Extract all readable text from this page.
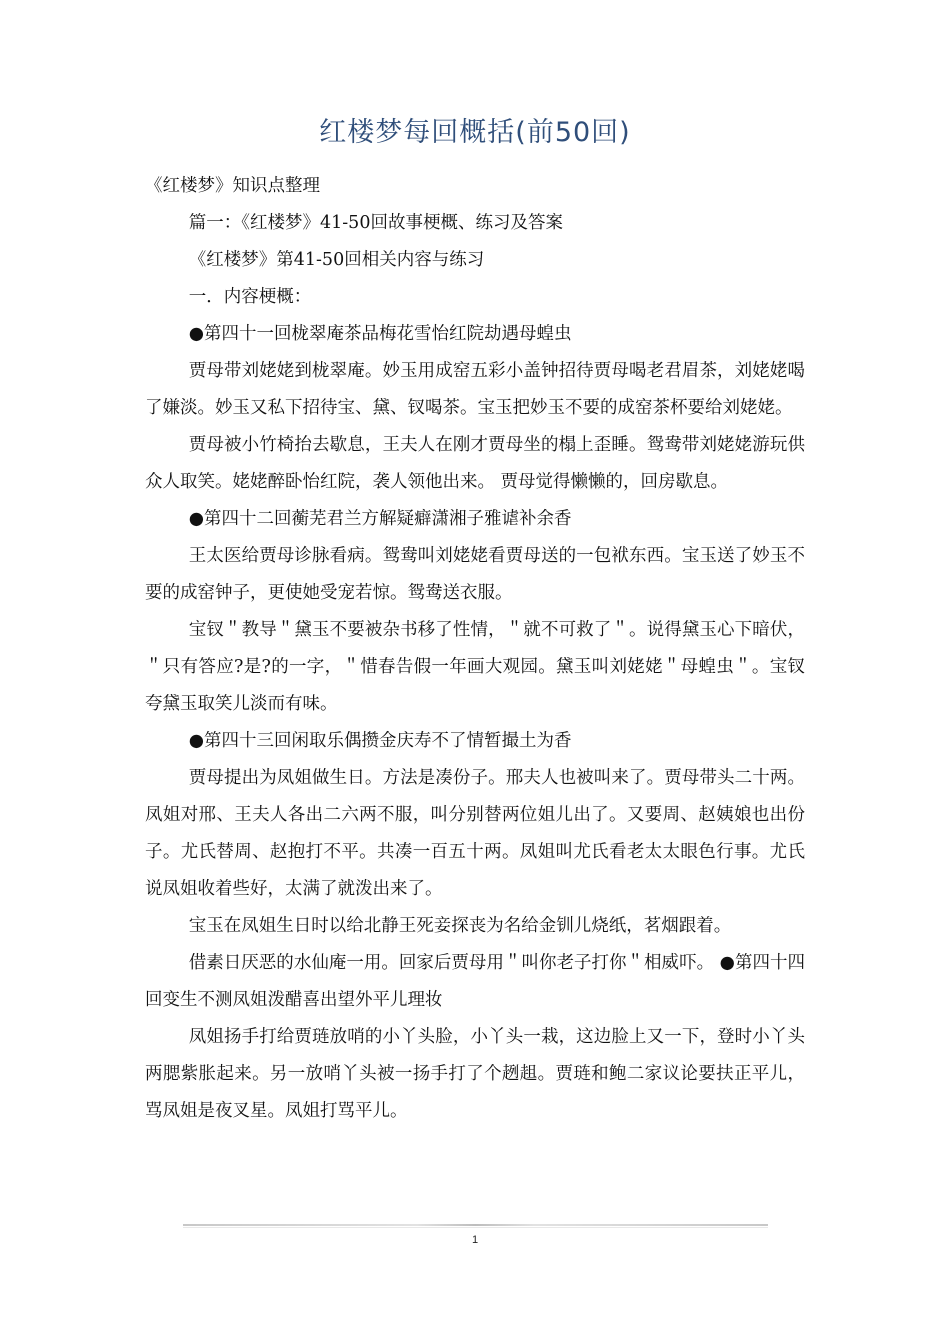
红楼梦每回概括(前50回)

《红楼梦》知识点整理

篇一：《红楼梦》41-50回故事梗概、练习及答案

《红楼梦》第41-50回相关内容与练习

一．内容梗概：

●第四十一回栊翠庵茶品梅花雪怡红院劫遇母蝗虫

贾母带刘姥姥到栊翠庵。妙玉用成窑五彩小盖钟招待贾母喝老君眉茶，刘姥姥喝了嫌淡。妙玉又私下招待宝、黛、钗喝茶。宝玉把妙玉不要的成窑茶杯要给刘姥姥。

贾母被小竹椅抬去歇息，王夫人在刚才贾母坐的榻上歪睡。鸳鸯带刘姥姥游玩供众人取笑。姥姥醉卧怡红院，袭人领他出来。 贾母觉得懒懒的，回房歇息。

●第四十二回蘅芜君兰方解疑癖潇湘子雅谑补余香

王太医给贾母诊脉看病。鸳鸯叫刘姥姥看贾母送的一包袱东西。宝玉送了妙玉不要的成窑钟子，更使她受宠若惊。鸳鸯送衣服。

宝钗＂教导＂黛玉不要被杂书移了性情，＂就不可救了＂。说得黛玉心下暗伏，＂只有答应?是?的一字，＂惜春告假一年画大观园。黛玉叫刘姥姥＂母蝗虫＂。宝钗夸黛玉取笑儿淡而有味。

●第四十三回闲取乐偶攒金庆寿不了情暂撮土为香

贾母提出为凤姐做生日。方法是凑份子。邢夫人也被叫来了。贾母带头二十两。凤姐对邢、王夫人各出二六两不服，叫分别替两位姐儿出了。又要周、赵姨娘也出份子。尤氏替周、赵抱打不平。共凑一百五十两。凤姐叫尤氏看老太太眼色行事。尤氏说凤姐收着些好，太满了就泼出来了。

宝玉在凤姐生日时以给北静王死妾探丧为名给金钏儿烧纸，茗烟跟着。

借素日厌恶的水仙庵一用。回家后贾母用＂叫你老子打你＂相威吓。 ●第四十四回变生不测凤姐泼醋喜出望外平儿理妆

凤姐扬手打给贾琏放哨的小丫头脸，小丫头一栽，这边脸上又一下，登时小丫头两腮紫胀起来。另一放哨丫头被一扬手打了个趔趄。贾琏和鲍二家议论要扶正平儿，骂凤姐是夜叉星。凤姐打骂平儿。

1
